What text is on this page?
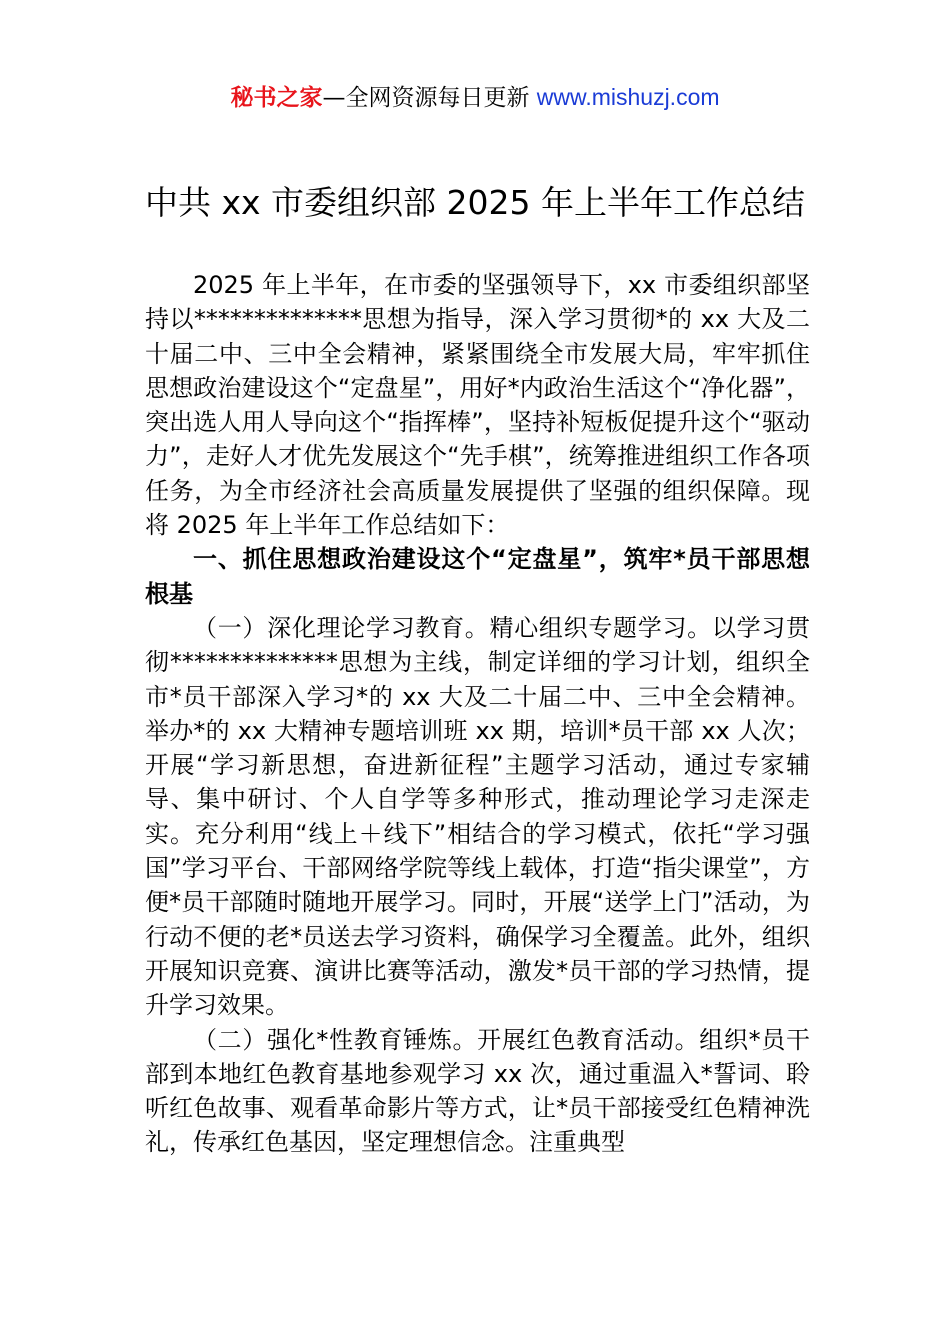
秘书之家—全网资源每日更新 www.mishuzj.com
中共 xx 市委组织部 2025 年上半年工作总结

2025 年上半年，在市委的坚强领导下，xx 市委组织部坚持以**************思想为指导，深入学习贯彻*的 xx 大及二十届二中、三中全会精神，紧紧围绕全市发展大局，牢牢抓住思想政治建设这个“定盘星”，用好*内政治生活这个“净化器”，突出选人用人导向这个“指挥棒”，坚持补短板促提升这个“驱动力”，走好人才优先发展这个“先手棋”，统筹推进组织工作各项任务，为全市经济社会高质量发展提供了坚强的组织保障。现将 2025 年上半年工作总结如下：

一、抓住思想政治建设这个“定盘星”，筑牢*员干部思想根基

（一）深化理论学习教育。精心组织专题学习。以学习贯彻**************思想为主线，制定详细的学习计划，组织全市*员干部深入学习*的 xx 大及二十届二中、三中全会精神。举办*的 xx 大精神专题培训班 xx 期，培训*员干部 xx 人次；开展“学习新思想，奋进新征程”主题学习活动，通过专家辅导、集中研讨、个人自学等多种形式，推动理论学习走深走实。充分利用“线上＋线下”相结合的学习模式，依托“学习强国”学习平台、干部网络学院等线上载体，打造“指尖课堂”，方便*员干部随时随地开展学习。同时，开展“送学上门”活动，为行动不便的老*员送去学习资料，确保学习全覆盖。此外，组织开展知识竞赛、演讲比赛等活动，激发*员干部的学习热情，提升学习效果。

（二）强化*性教育锤炼。开展红色教育活动。组织*员干部到本地红色教育基地参观学习 xx 次，通过重温入*誓词、聆听红色故事、观看革命影片等方式，让*员干部接受红色精神洗礼，传承红色基因，坚定理想信念。注重典型
